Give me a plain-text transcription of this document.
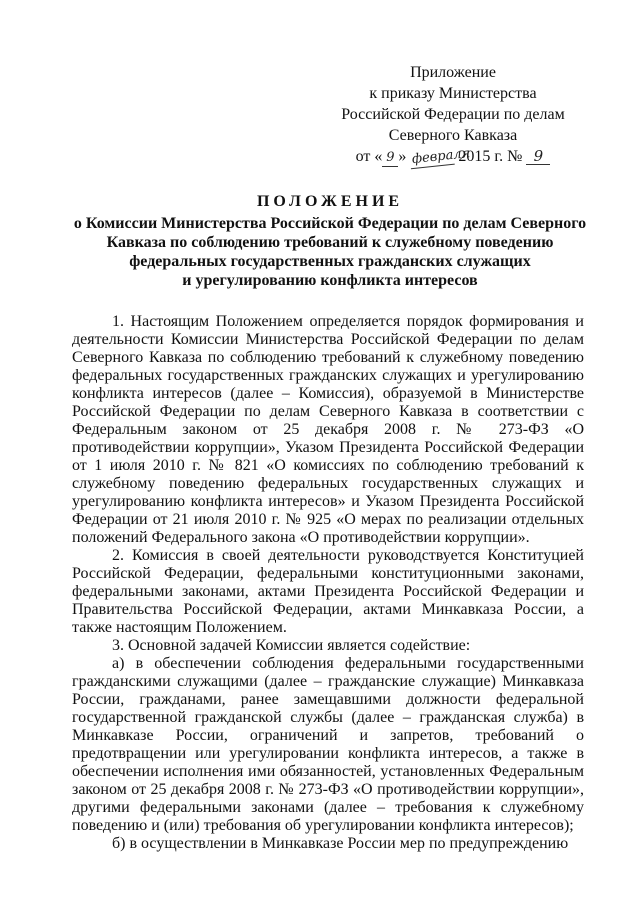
Приложение
к приказу Министерства
Российской Федерации по делам
Северного Кавказа
от « 9 » февраля 2015 г. № 9
ПОЛОЖЕНИЕ
о Комиссии Министерства Российской Федерации по делам Северного
Кавказа по соблюдению требований к служебному поведению
федеральных государственных гражданских служащих
и урегулированию конфликта интересов

1. Настоящим Положением определяется порядок формирования и деятельности Комиссии Министерства Российской Федерации по делам Северного Кавказа по соблюдению требований к служебному поведению федеральных государственных гражданских служащих и урегулированию конфликта интересов (далее – Комиссия), образуемой в Министерстве Российской Федерации по делам Северного Кавказа в соответствии с Федеральным законом от 25 декабря 2008 г. № 273-ФЗ «О противодействии коррупции», Указом Президента Российской Федерации от 1 июля 2010 г. № 821 «О комиссиях по соблюдению требований к служебному поведению федеральных государственных служащих и урегулированию конфликта интересов» и Указом Президента Российской Федерации от 21 июля 2010 г. № 925 «О мерах по реализации отдельных положений Федерального закона «О противодействии коррупции».

2. Комиссия в своей деятельности руководствуется Конституцией Российской Федерации, федеральными конституционными законами, федеральными законами, актами Президента Российской Федерации и Правительства Российской Федерации, актами Минкавказа России, а также настоящим Положением.

3. Основной задачей Комиссии является содействие:

а) в обеспечении соблюдения федеральными государственными гражданскими служащими (далее – гражданские служащие) Минкавказа России, гражданами, ранее замещавшими должности федеральной государственной гражданской службы (далее – гражданская служба) в Минкавказе России, ограничений и запретов, требований о предотвращении или урегулировании конфликта интересов, а также в обеспечении исполнения ими обязанностей, установленных Федеральным законом от 25 декабря 2008 г. № 273-ФЗ «О противодействии коррупции», другими федеральными законами (далее – требования к служебному поведению и (или) требования об урегулировании конфликта интересов);

б) в осуществлении в Минкавказе России мер по предупреждению
